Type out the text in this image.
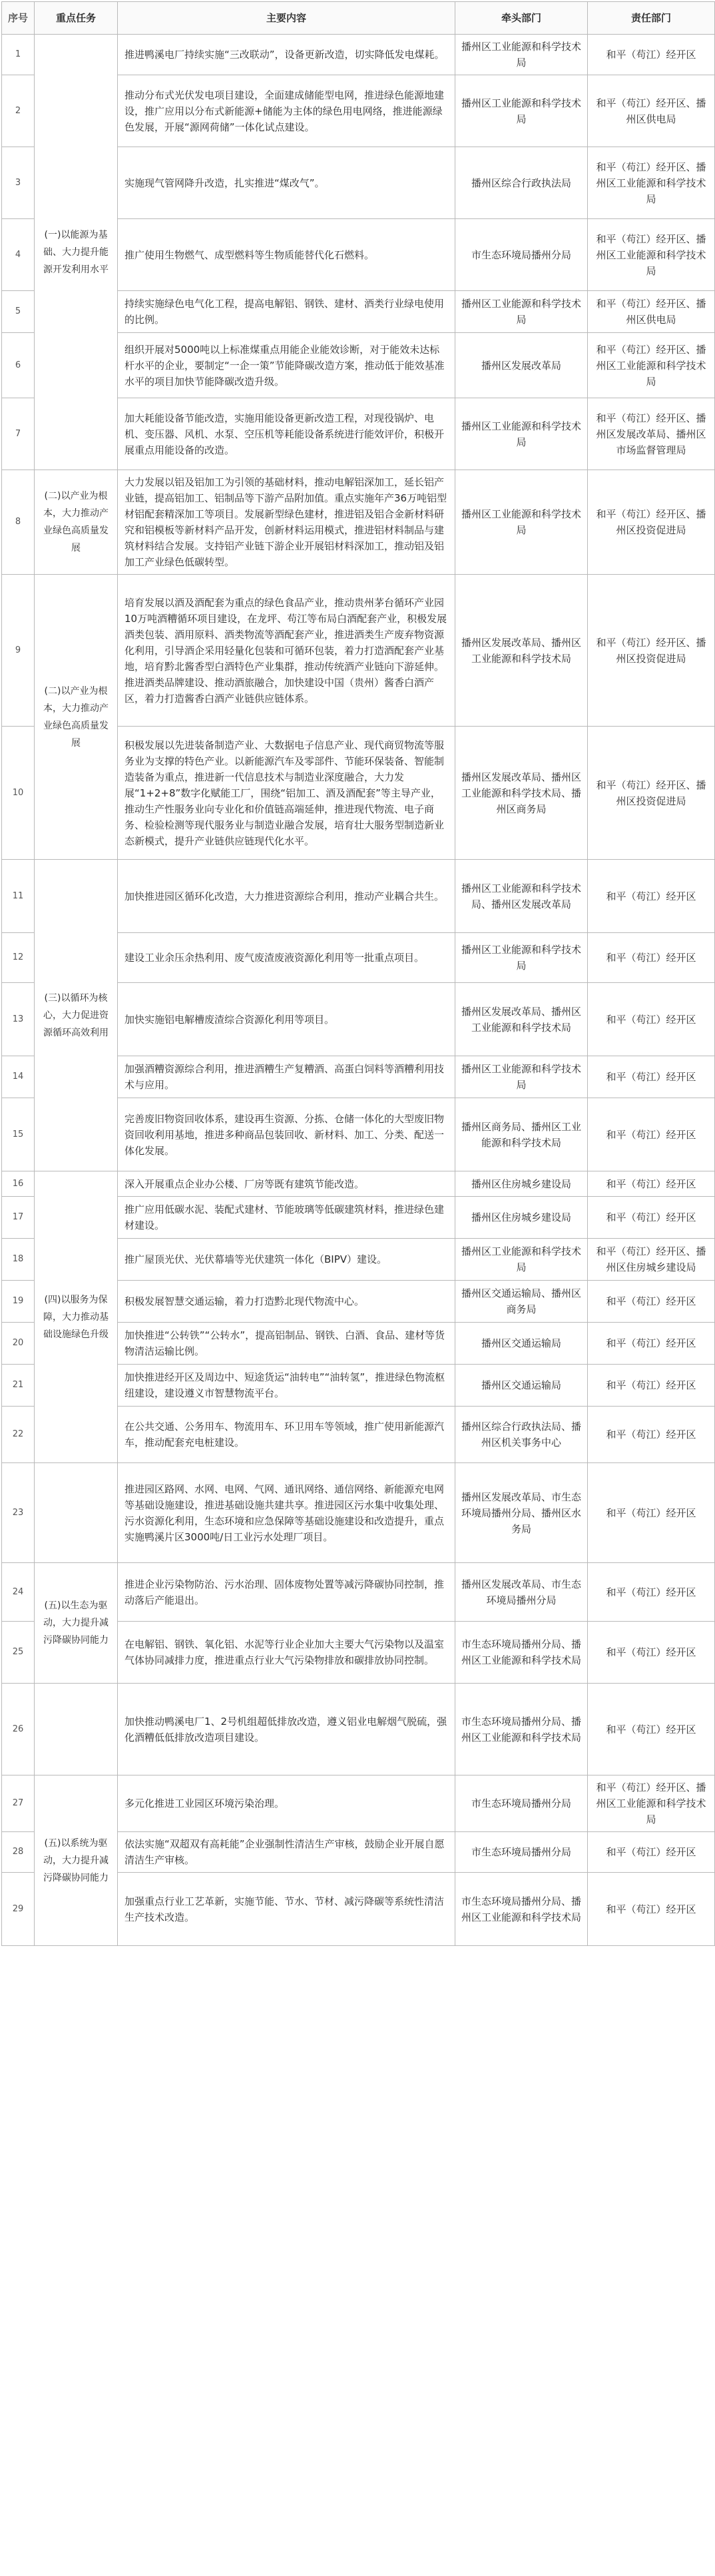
序号	重点任务	主要内容	牵头部门	责任部门
1	(一)以能源为基础、大力提升能源开发利用水平	推进鸭溪电厂持续实施“三改联动”，设备更新改造，切实降低发电煤耗。	播州区工业能源和科学技术局	和平（苟江）经开区
2		推动分布式光伏发电项目建设，全面建成储能型电网，推进绿色能源地建设，推广应用以分布式新能源+储能为主体的绿色用电网络，推进能源绿色发展，开展“源网荷储”一体化试点建设。	播州区工业能源和科学技术局	和平（苟江）经开区、播州区供电局
3		实施现气管网降升改造，扎实推进“煤改气”。	播州区综合行政执法局	和平（苟江）经开区、播州区工业能源和科学技术局
4		推广使用生物燃气、成型燃料等生物质能替代化石燃料。	市生态环境局播州分局	和平（苟江）经开区、播州区工业能源和科学技术局
5		持续实施绿色电气化工程，提高电解铝、钢铁、建材、酒类行业绿电使用的比例。	播州区工业能源和科学技术局	和平（苟江）经开区、播州区供电局
6		组织开展对5000吨以上标准煤重点用能企业能效诊断，对于能效未达标杆水平的企业，要制定“一企一策”节能降碳改造方案，推动低于能效基准水平的项目加快节能降碳改造升级。	播州区发展改革局	和平（苟江）经开区、播州区工业能源和科学技术局
7		加大耗能设备节能改造，实施用能设备更新改造工程，对现役锅炉、电机、变压器、风机、水泵、空压机等耗能设备系统进行能效评价，积极开展重点用能设备的改造。	播州区工业能源和科学技术局	和平（苟江）经开区、播州区发展改革局、播州区市场监督管理局
8	(二)以产业为根本，大力推动产业绿色高质量发展	大力发展以铝及铝加工为引领的基础材料，推动电解铝深加工，延长铝产业链，提高铝加工、铝制品等下游产品附加值。重点实施年产36万吨铝型材铝配套精深加工等项目。发展新型绿色建材，推进铝及铝合金新材料研究和铝模板等新材料产品开发，创新材料运用模式，推进铝材料制品与建筑材料结合发展。支持铝产业链下游企业开展铝材料深加工，推动铝及铝加工产业绿色低碳转型。	播州区工业能源和科学技术局	和平（苟江）经开区、播州区投资促进局
9	(二)以产业为根本，大力推动产业绿色高质量发展	培育发展以酒及酒配套为重点的绿色食品产业，推动贵州茅台循环产业园10万吨酒糟循环项目建设，在龙坪、苟江等布局白酒配套产业，积极发展酒类包装、酒用原料、酒类物流等酒配套产业，推进酒类生产废弃物资源化利用，引导酒企采用轻量化包装和可循环包装，着力打造酒配套产业基地，培育黔北酱香型白酒特色产业集群，推动传统酒产业链向下游延伸。推进酒类品牌建设、推动酒旅融合，加快建设中国（贵州）酱香白酒产区，着力打造酱香白酒产业链供应链体系。	播州区发展改革局、播州区工业能源和科学技术局	和平（苟江）经开区、播州区投资促进局
10		积极发展以先进装备制造产业、大数据电子信息产业、现代商贸物流等服务业为支撑的特色产业。以新能源汽车及零部件、节能环保装备、智能制造装备为重点，推进新一代信息技术与制造业深度融合，大力发展“1+2+8”数字化赋能工厂，围绕“铝加工、酒及酒配套”等主导产业，推动生产性服务业向专业化和价值链高端延伸，推进现代物流、电子商务、检验检测等现代服务业与制造业融合发展，培育壮大服务型制造新业态新模式，提升产业链供应链现代化水平。	播州区发展改革局、播州区工业能源和科学技术局、播州区商务局	和平（苟江）经开区、播州区投资促进局
11	(三)以循环为核心，大力促进资源循环高效利用	加快推进园区循环化改造，大力推进资源综合利用，推动产业耦合共生。	播州区工业能源和科学技术局、播州区发展改革局	和平（苟江）经开区
12		建设工业余压余热利用、废气废渣废液资源化利用等一批重点项目。	播州区工业能源和科学技术局	和平（苟江）经开区
13		加快实施铝电解槽废渣综合资源化利用等项目。	播州区发展改革局、播州区工业能源和科学技术局	和平（苟江）经开区
14		加强酒糟资源综合利用，推进酒糟生产复糟酒、高蛋白饲料等酒糟利用技术与应用。	播州区工业能源和科学技术局	和平（苟江）经开区
15		完善废旧物资回收体系，建设再生资源、分拣、仓储一体化的大型废旧物资回收利用基地，推进多种商品包装回收、新材料、加工、分类、配送一体化发展。	播州区商务局、播州区工业能源和科学技术局	和平（苟江）经开区
16	(四)以服务为保障，大力推动基础设施绿色升级	深入开展重点企业办公楼、厂房等既有建筑节能改造。	播州区住房城乡建设局	和平（苟江）经开区
17		推广应用低碳水泥、装配式建材、节能玻璃等低碳建筑材料，推进绿色建材建设。	播州区住房城乡建设局	和平（苟江）经开区
18		推广屋顶光伏、光伏幕墙等光伏建筑一体化（BIPV）建设。	播州区工业能源和科学技术局	和平（苟江）经开区、播州区住房城乡建设局
19		积极发展智慧交通运输，着力打造黔北现代物流中心。	播州区交通运输局、播州区商务局	和平（苟江）经开区
20		加快推进“公转铁”“公转水”，提高铝制品、钢铁、白酒、食品、建材等货物清洁运输比例。	播州区交通运输局	和平（苟江）经开区
21		加快推进经开区及周边中、短途货运“油转电”“油转氢”，推进绿色物流枢纽建设，建设遵义市智慧物流平台。	播州区交通运输局	和平（苟江）经开区
22		在公共交通、公务用车、物流用车、环卫用车等领域，推广使用新能源汽车，推动配套充电桩建设。	播州区综合行政执法局、播州区机关事务中心	和平（苟江）经开区
23		推进园区路网、水网、电网、气网、通讯网络、通信网络、新能源充电网等基础设施建设，推进基础设施共建共享。推进园区污水集中收集处理、污水资源化利用，生态环境和应急保障等基础设施建设和改造提升，重点实施鸭溪片区3000吨/日工业污水处理厂项目。	播州区发展改革局、市生态环境局播州分局、播州区水务局	和平（苟江）经开区
24	(五)以生态为驱动，大力提升减污降碳协同能力	推进企业污染物防治、污水治理、固体废物处置等减污降碳协同控制，推动落后产能退出。	播州区发展改革局、市生态环境局播州分局	和平（苟江）经开区
25		在电解铝、钢铁、氧化铝、水泥等行业企业加大主要大气污染物以及温室气体协同减排力度，推进重点行业大气污染物排放和碳排放协同控制。	市生态环境局播州分局、播州区工业能源和科学技术局	和平（苟江）经开区
26		加快推动鸭溪电厂1、2号机组超低排放改造，遵义铝业电解烟气脱硫，强化酒糟低低排放改造项目建设。	市生态环境局播州分局、播州区工业能源和科学技术局	和平（苟江）经开区
27	(五)以系统为驱动，大力提升减污降碳协同能力	多元化推进工业园区环境污染治理。	市生态环境局播州分局	和平（苟江）经开区、播州区工业能源和科学技术局
28		依法实施“双超双有高耗能”企业强制性清洁生产审核，鼓励企业开展自愿清洁生产审核。	市生态环境局播州分局	和平（苟江）经开区
29		加强重点行业工艺革新，实施节能、节水、节材、减污降碳等系统性清洁生产技术改造。	市生态环境局播州分局、播州区工业能源和科学技术局	和平（苟江）经开区
